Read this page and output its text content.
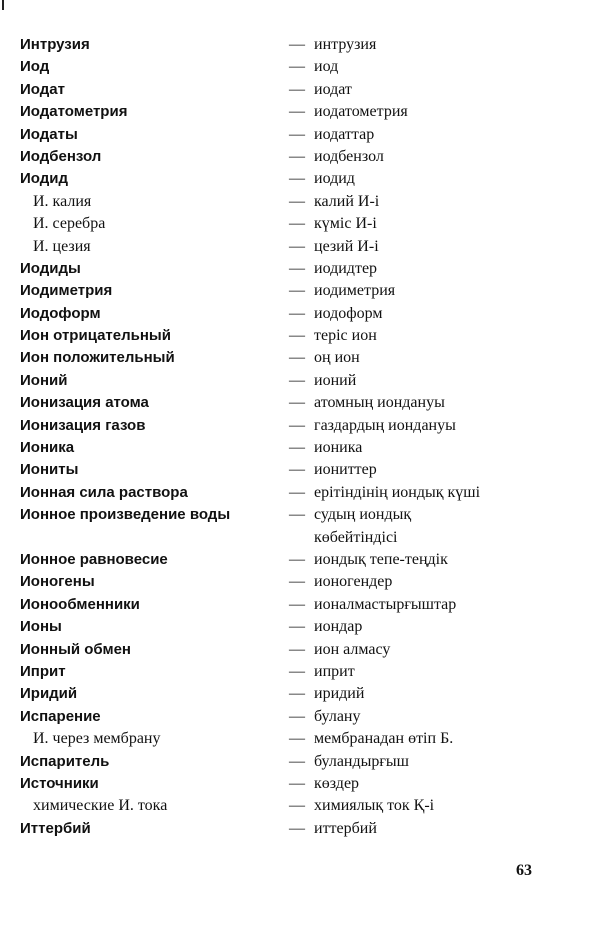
Интрузия	— интрузия
Иод	— иод
Иодат	— иодат
Иодатометрия	— иодатометрия
Иодаты	— иодаттар
Иодбензол	— иодбензол
Иодид	— иодид
И. калия	— калий И-і
И. серебра	— күміс И-і
И. цезия	— цезий И-і
Иодиды	— иодидтер
Иодиметрия	— иодиметрия
Иодоформ	— иодоформ
Ион отрицательный	— теріс ион
Ион положительный	— оң ион
Ионий	— ионий
Ионизация атома	— атомның иондануы
Ионизация газов	— газдардың иондануы
Ионика	— ионика
Иониты	— иониттер
Ионная сила раствора	— ерітіндінің иондық күші
Ионное произведение воды	— судың иондық
көбейтіндісі
Ионное равновесие	— иондық тепе-теңдік
Ионогены	— ионогендер
Ионообменники	— ионалмастырғыштар
Ионы	— иондар
Ионный обмен	— ион алмасу
Иприт	— иприт
Иридий	— иридий
Испарение	— булану
И. через мембрану	— мембранадан өтіп Б.
Испаритель	— буландырғыш
Источники	— көздер
химические И. тока	— химиялық ток Қ-і
Иттербий	— иттербий
63
